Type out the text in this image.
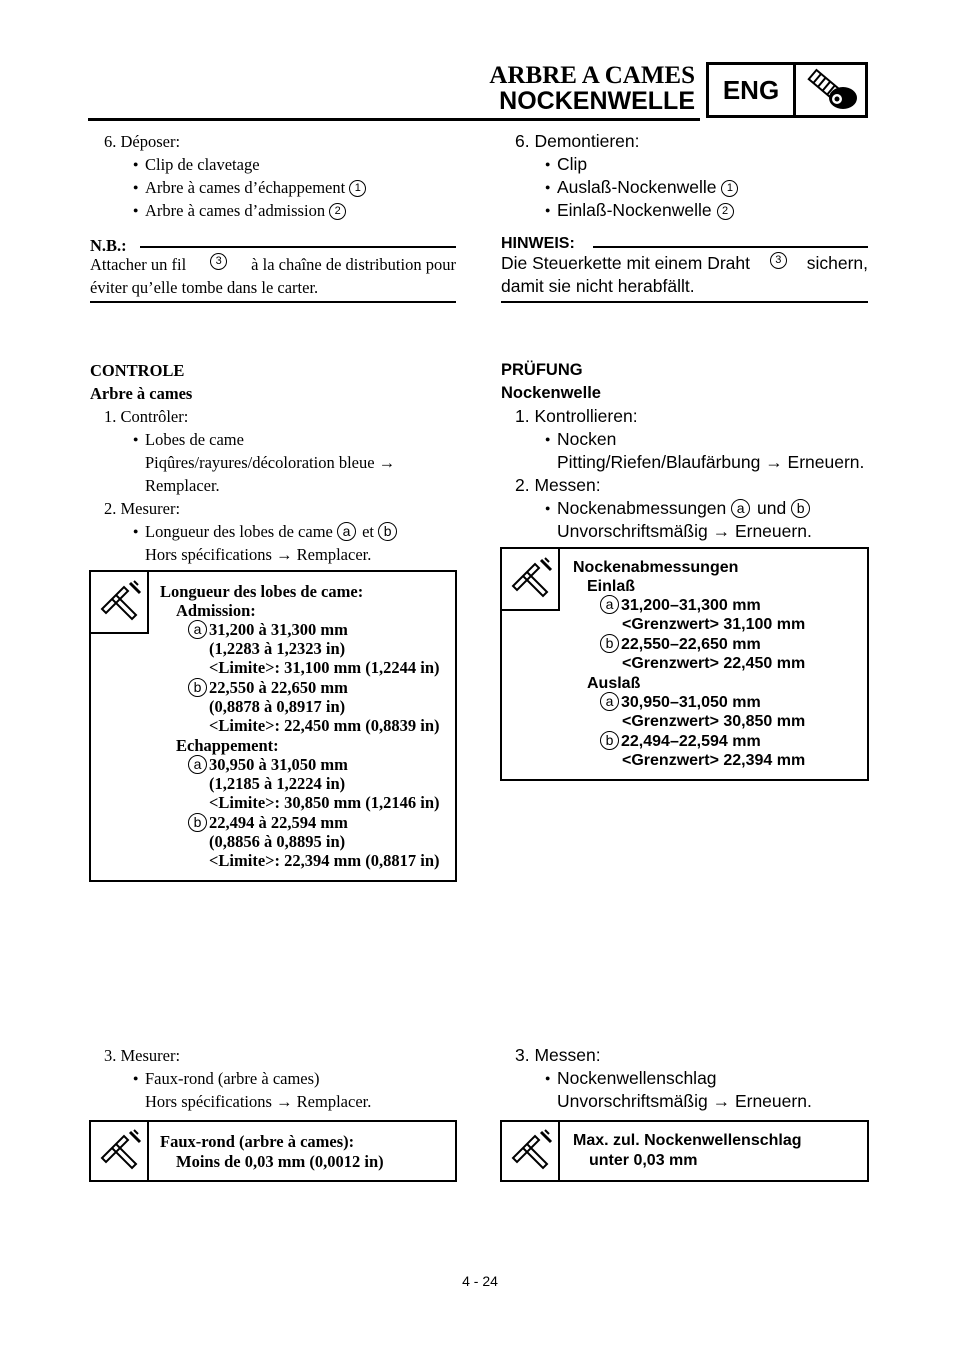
ARBRE A CAMES
NOCKENWELLE	ENG
6. Déposer:
● Clip de clavetage
● Arbre à cames d’échappement 1
● Arbre à cames d’admission 2
N.B.:
Attacher un fil	3	à la chaîne de distribution pour
éviter qu’elle tombe dans le carter.
CONTROLE
Arbre à cames
1. Contrôler:
● Lobes de came
Piqûres/rayures/décoloration bleue →
Remplacer.
2. Mesurer:
● Longueur des lobes de came a et b
Hors spécifications → Remplacer.
Longueur des lobes de came:
Admission:
a 31,200 à 31,300 mm
(1,2283 à 1,2323 in)
<Limite>: 31,100 mm (1,2244 in)
b 22,550 à 22,650 mm
(0,8878 à 0,8917 in)
<Limite>: 22,450 mm (0,8839 in)
Echappement:
a 30,950 à 31,050 mm
(1,2185 à 1,2224 in)
<Limite>: 30,850 mm (1,2146 in)
b 22,494 à 22,594 mm
(0,8856 à 0,8895 in)
<Limite>: 22,394 mm (0,8817 in)
3. Mesurer:
● Faux-rond (arbre à cames)
Hors spécifications → Remplacer.
Faux-rond (arbre à cames):
Moins de 0,03 mm (0,0012 in)
6. Demontieren:
● Clip
● Auslaß-Nockenwelle 1
● Einlaß-Nockenwelle 2
HINWEIS:
Die Steuerkette mit einem Draht	3	sichern,
damit sie nicht herabfällt.
PRÜFUNG
Nockenwelle
1. Kontrollieren:
● Nocken
Pitting/Riefen/Blaufärbung → Erneuern.
2. Messen:
● Nockenabmessungen a und b
Unvorschriftsmäßig → Erneuern.
Nockenabmessungen
Einlaß
a 31,200–31,300 mm
<Grenzwert> 31,100 mm
b 22,550–22,650 mm
<Grenzwert> 22,450 mm
Auslaß
a 30,950–31,050 mm
<Grenzwert> 30,850 mm
b 22,494–22,594 mm
<Grenzwert> 22,394 mm
3. Messen:
● Nockenwellenschlag
Unvorschriftsmäßig → Erneuern.
Max. zul. Nockenwellenschlag
unter 0,03 mm
4 - 24
